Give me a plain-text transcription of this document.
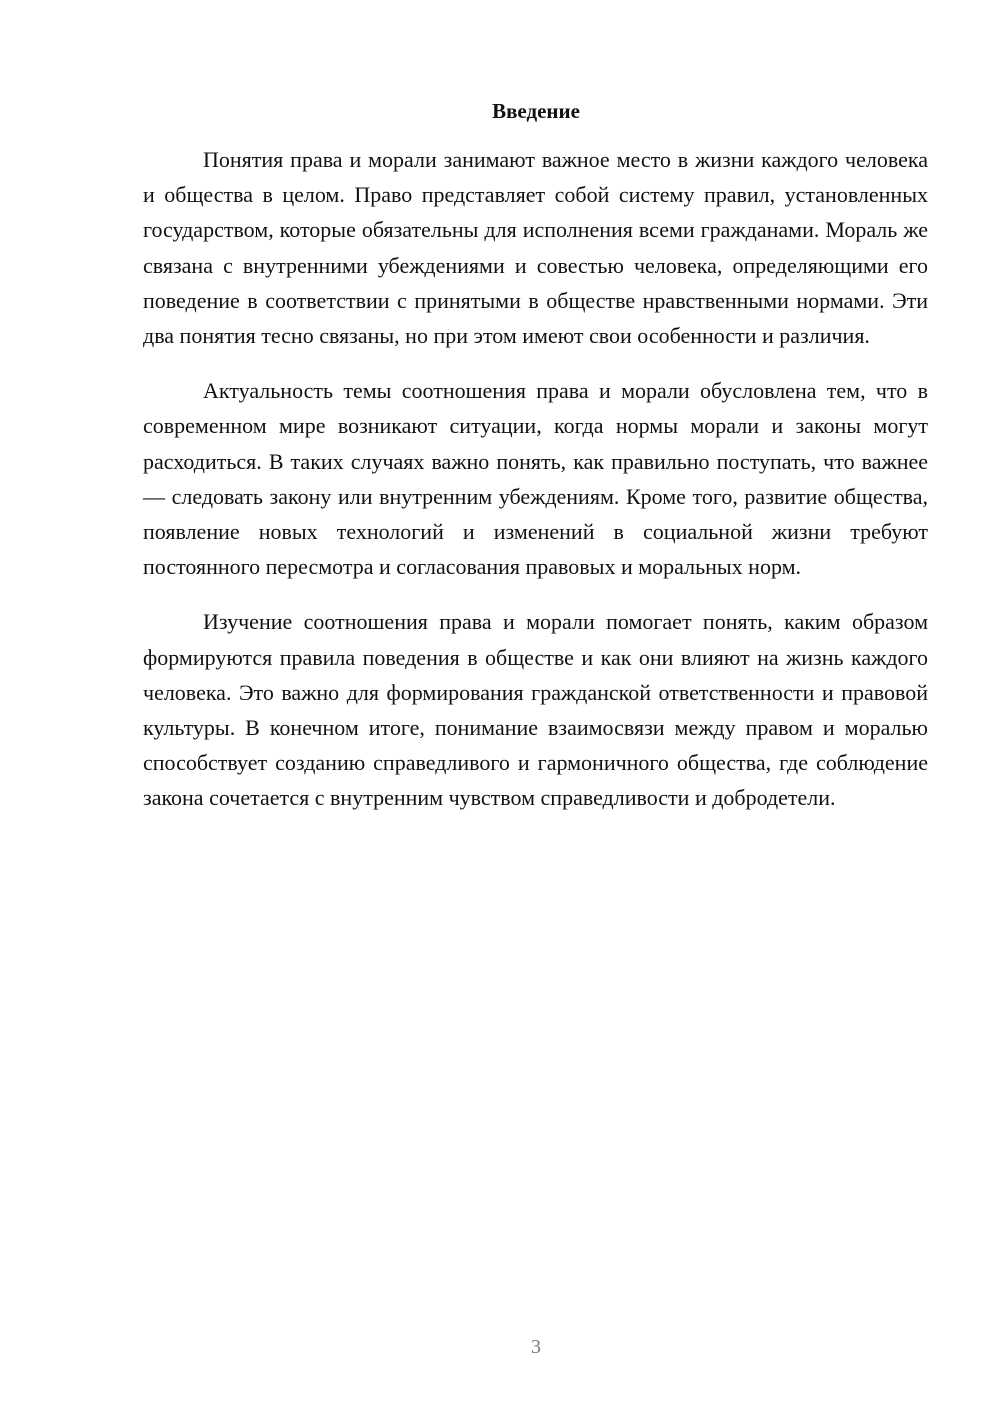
Введение

Понятия права и морали занимают важное место в жизни каждого человека и общества в целом. Право представляет собой систему правил, установленных государством, которые обязательны для исполнения всеми гражданами. Мораль же связана с внутренними убеждениями и совестью человека, определяющими его поведение в соответствии с принятыми в обществе нравственными нормами. Эти два понятия тесно связаны, но при этом имеют свои особенности и различия.

Актуальность темы соотношения права и морали обусловлена тем, что в современном мире возникают ситуации, когда нормы морали и законы могут расходиться. В таких случаях важно понять, как правильно поступать, что важнее — следовать закону или внутренним убеждениям. Кроме того, развитие общества, появление новых технологий и изменений в социальной жизни требуют постоянного пересмотра и согласования правовых и моральных норм.

Изучение соотношения права и морали помогает понять, каким образом формируются правила поведения в обществе и как они влияют на жизнь каждого человека. Это важно для формирования гражданской ответственности и правовой культуры. В конечном итоге, понимание взаимосвязи между правом и моралью способствует созданию справедливого и гармоничного общества, где соблюдение закона сочетается с внутренним чувством справедливости и добродетели.

3
